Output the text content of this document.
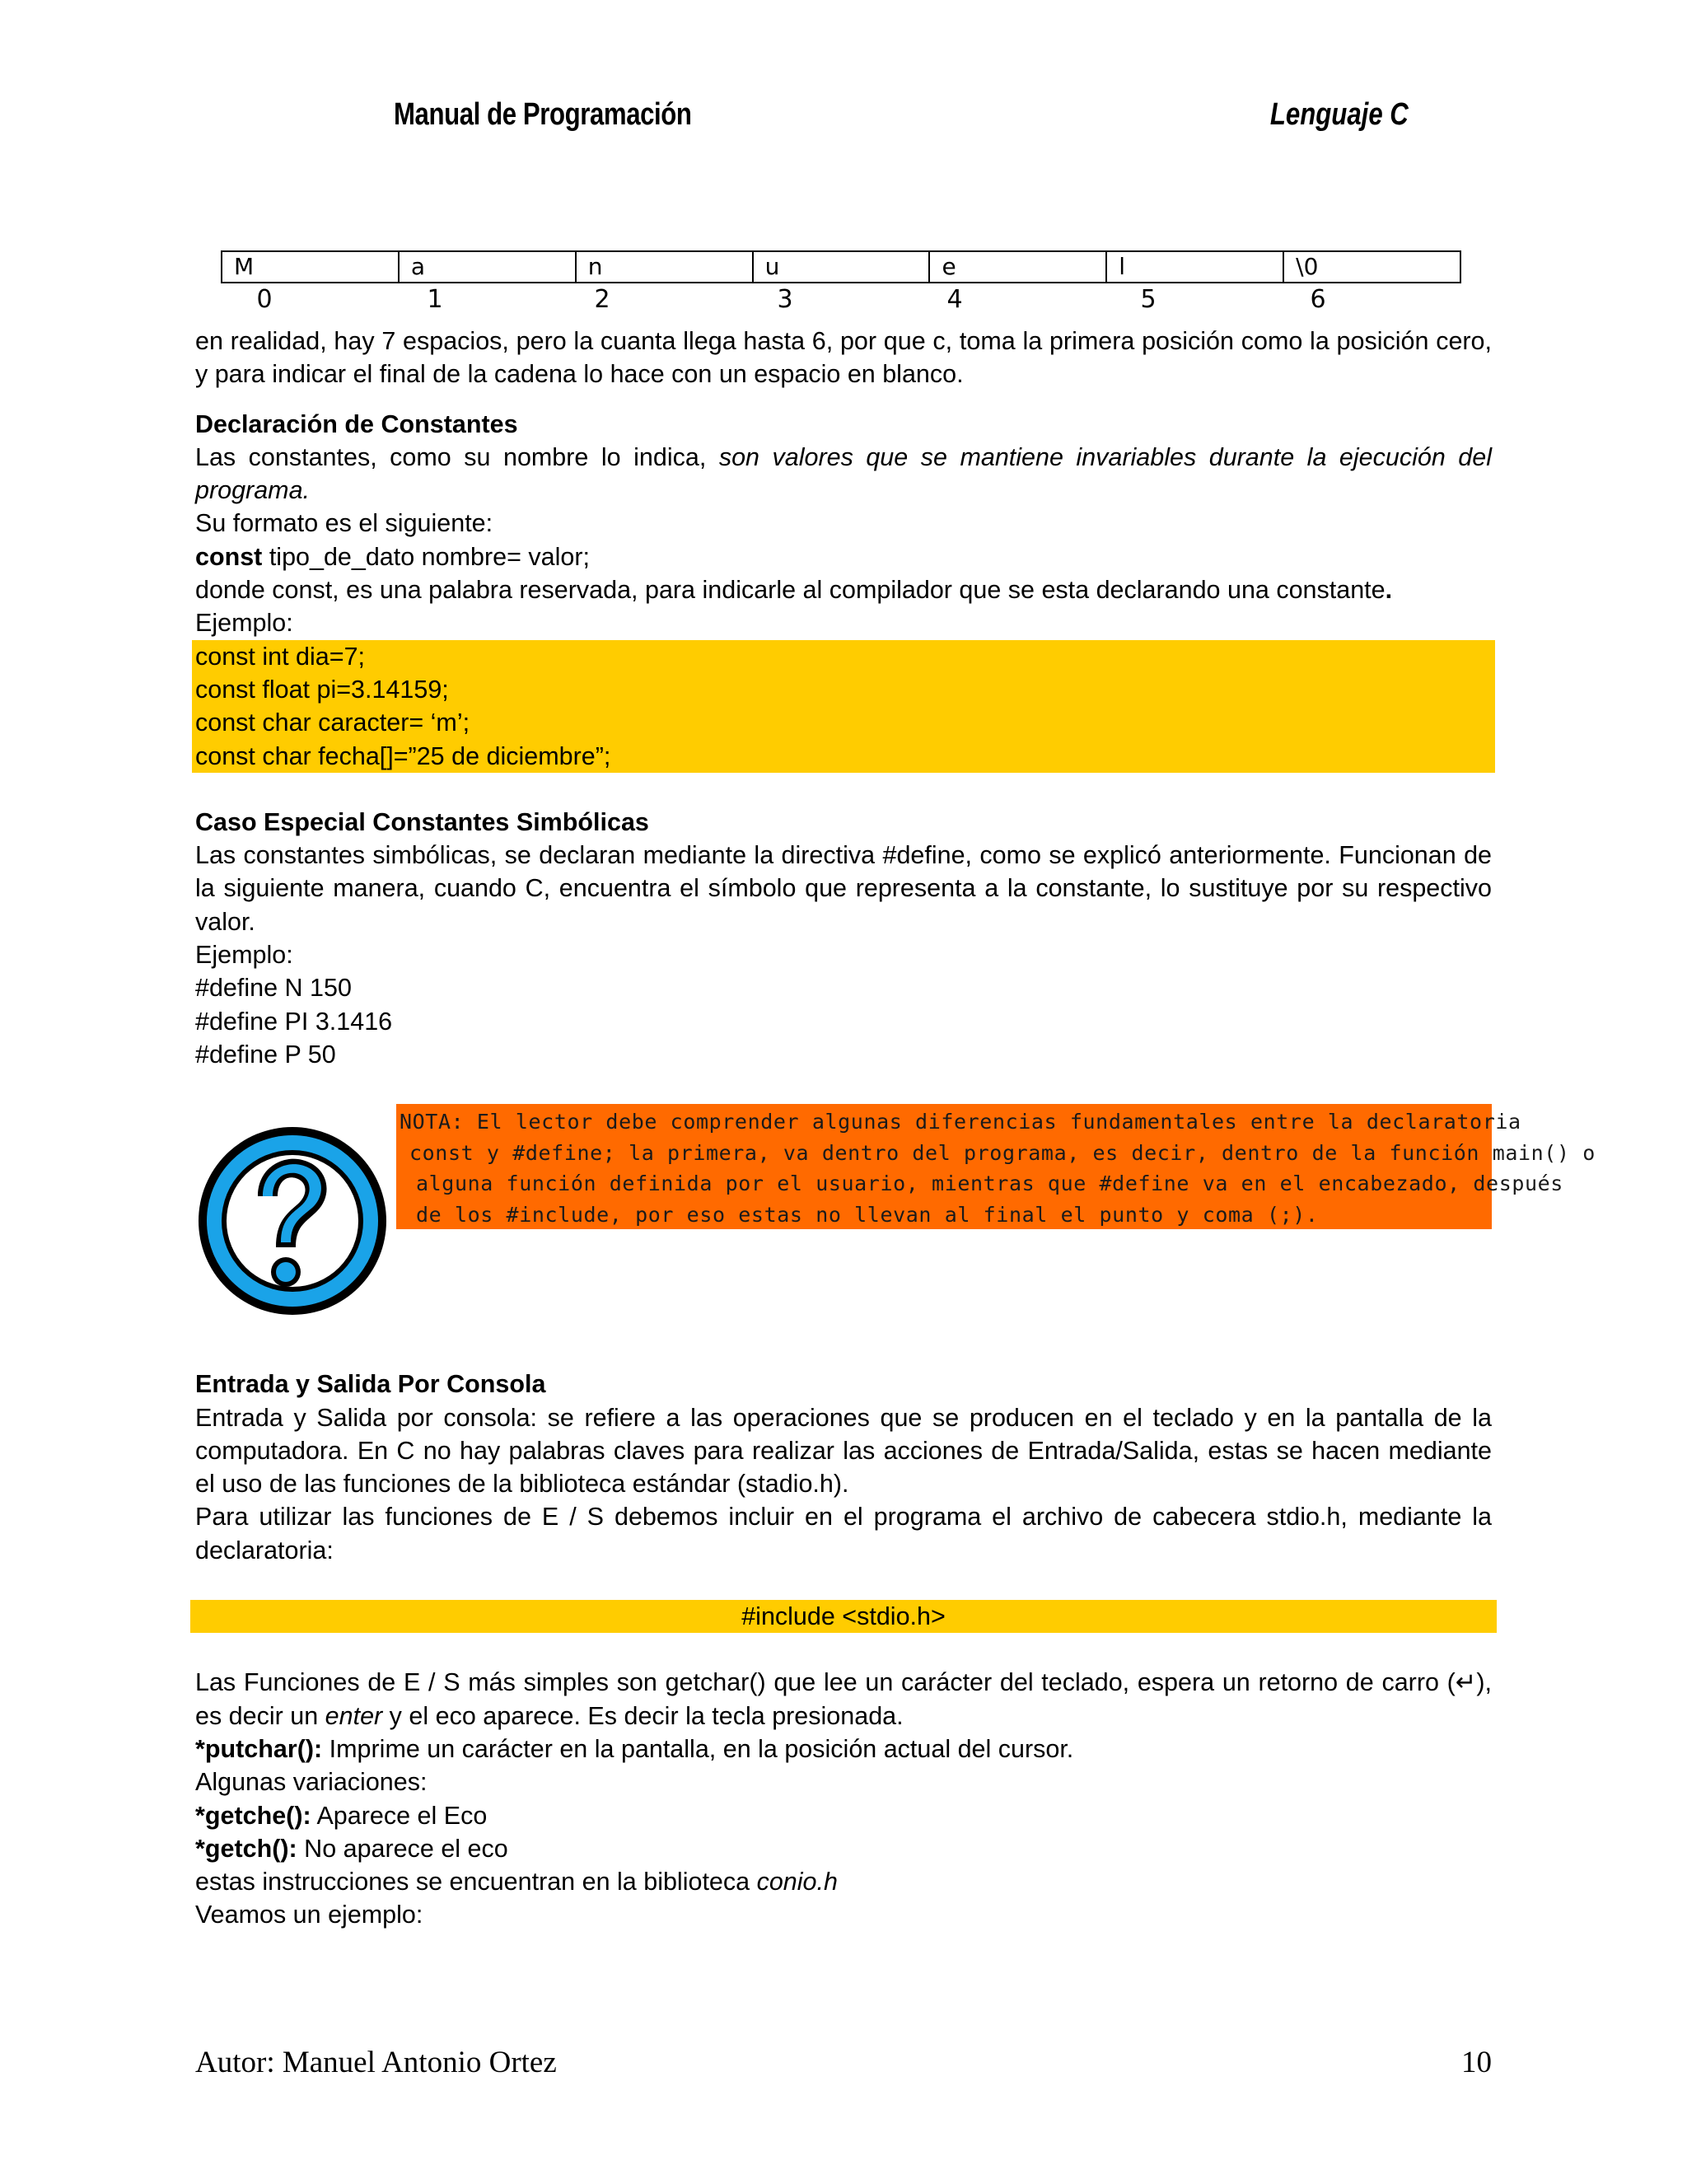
Manual de Programación	Lenguaje C
M	a	n	u	e	l	\0
0	1	2	3	4	5	6

en realidad, hay 7 espacios, pero la cuanta llega hasta 6, por que c, toma la primera posición como la posición cero, y para indicar el final de la cadena lo hace con un espacio en blanco.

Declaración de Constantes

Las constantes, como su nombre lo indica, son valores que se mantiene invariables durante la ejecución del programa.

Su formato es el siguiente:

const tipo_de_dato nombre= valor;

donde const, es una palabra reservada, para indicarle al compilador que se esta declarando una constante.

Ejemplo:

const int dia=7;
const float pi=3.14159;
const char caracter= ‘m’;
const char fecha[]=”25 de diciembre”;

Caso Especial Constantes Simbólicas

Las constantes simbólicas, se declaran mediante la directiva #define, como se explicó anteriormente. Funcionan de la siguiente manera, cuando C, encuentra el símbolo que representa a la constante, lo sustituye por su respectivo valor.

Ejemplo:

#define N 150

#define PI 3.1416

#define P 50

NOTA: El lector debe comprender algunas diferencias fundamentales entre la declaratoria
const y #define; la primera, va dentro del programa, es decir, dentro de la función main() o
alguna función definida por el usuario, mientras que #define va en el encabezado, después
de los #include, por eso estas no llevan al final el punto y coma (;).

Entrada y Salida Por Consola

Entrada y Salida por consola: se refiere a las operaciones que se producen en el teclado y en la pantalla de la computadora. En C no hay palabras claves para realizar las acciones de Entrada/Salida, estas se hacen mediante el uso de las funciones de la biblioteca estándar (stadio.h).

Para utilizar las funciones de E / S debemos incluir en el programa el archivo de cabecera stdio.h, mediante la declaratoria:

#include <stdio.h>

Las Funciones de E / S más simples son getchar() que lee un carácter del teclado, espera un retorno de carro (↵), es decir un enter y el eco aparece. Es decir la tecla presionada.

*putchar(): Imprime un carácter en la pantalla, en la posición actual del cursor.

Algunas variaciones:

*getche(): Aparece el Eco

*getch(): No aparece el eco

estas instrucciones se encuentran en la biblioteca conio.h

Veamos un ejemplo:

Autor: Manuel Antonio Ortez	10
